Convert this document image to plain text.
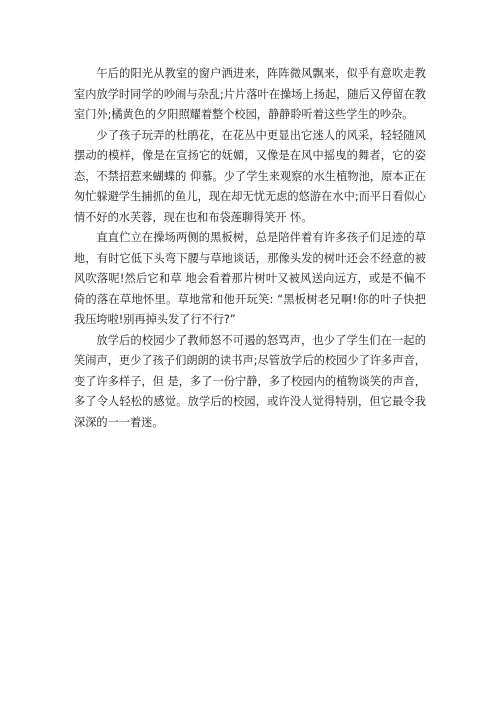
午后的阳光从教室的窗户洒进来，阵阵微风飘来，似乎有意吹走教室内放学时同学的吵闹与杂乱;片片落叶在操场上扬起，随后又停留在教室门外;橘黄色的夕阳照耀着整个校园，静静聆听着这些学生的吵杂。

少了孩子玩弄的杜鹃花，在花丛中更显出它迷人的风采，轻轻随风摆动的模样，像是在宣扬它的妩媚，又像是在风中摇曳的舞者，它的姿态，不禁招惹来蝴蝶的 仰慕。少了学生来观察的水生植物池，原本正在匆忙躲避学生捕抓的鱼儿，现在却无忧无虑的悠游在水中;而平日看似心情不好的水芙蓉，现在也和布袋莲聊得笑开 怀。

直直伫立在操场两侧的黑板树，总是陪伴着有许多孩子们足迹的草地，有时它低下头弯下腰与草地谈话，那像头发的树叶还会不经意的被风吹落呢!然后它和草 地会看着那片树叶又被风送向远方，或是不偏不倚的落在草地怀里。草地常和他开玩笑: “黑板树老兄啊!你的叶子快把我压垮啦!别再掉头发了行不行?”

放学后的校园少了教师怒不可遏的怒骂声，也少了学生们在一起的笑闹声，更少了孩子们朗朗的读书声;尽管放学后的校园少了许多声音，变了许多样子，但 是，多了一份宁静，多了校园内的植物谈笑的声音，多了令人轻松的感觉。放学后的校园，或许没人觉得特别，但它最令我深深的一一着迷。
